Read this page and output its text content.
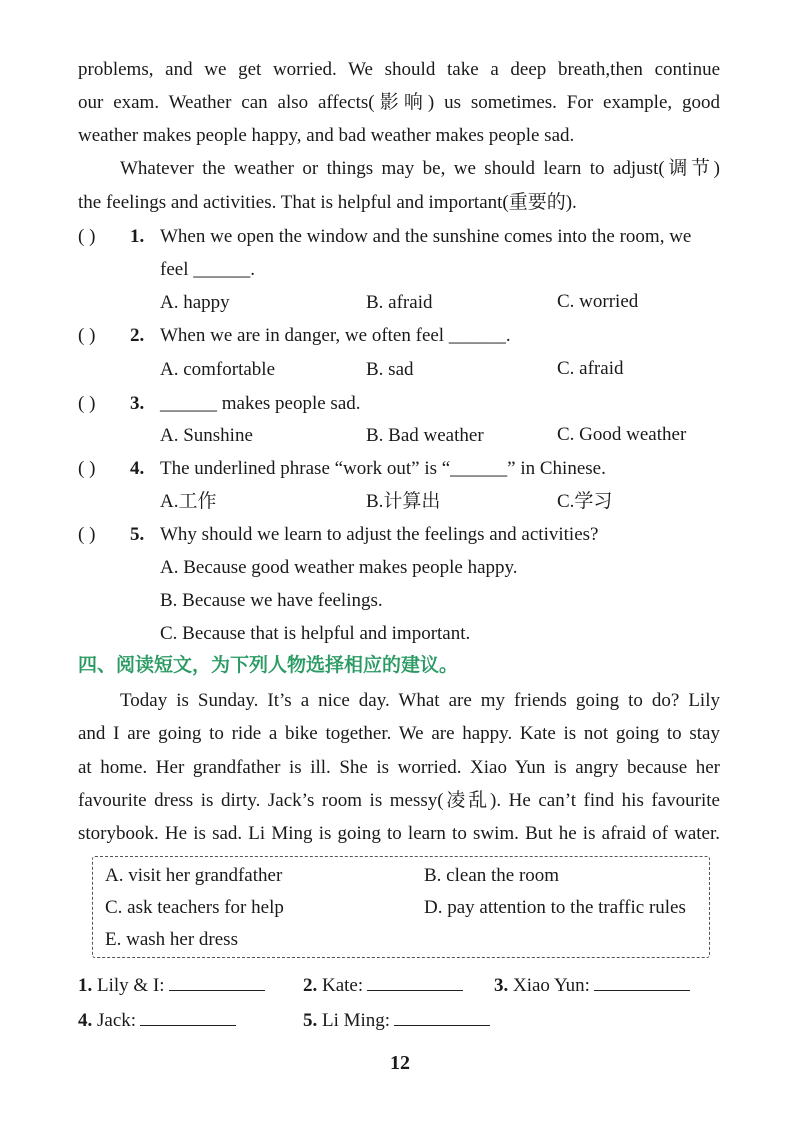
problems, and we get worried. We should take a deep breath,then continue
our exam. Weather can also affects(影响) us sometimes. For example, good
weather makes people happy, and bad weather makes people sad.
Whatever the weather or things may be, we should learn to adjust(调节)
the feelings and activities. That is helpful and important(重要的).
( ) 1. When we open the window and the sunshine comes into the room, we
feel ______.
A. happy	B. afraid	C. worried
( ) 2. When we are in danger, we often feel ______.
A. comfortable	B. sad	C. afraid
( ) 3. ______ makes people sad.
A. Sunshine	B. Bad weather	C. Good weather
( ) 4. The underlined phrase “work out” is “______” in Chinese.
A.工作	B.计算出	C.学习
( ) 5. Why should we learn to adjust the feelings and activities?
A. Because good weather makes people happy.
B. Because we have feelings.
C. Because that is helpful and important.
四、阅读短文，为下列人物选择相应的建议。
Today is Sunday. It’s a nice day. What are my friends going to do? Lily
and I are going to ride a bike together. We are happy. Kate is not going to stay
at home. Her grandfather is ill. She is worried. Xiao Yun is angry because her
favourite dress is dirty. Jack’s room is messy(凌乱). He can’t find his favourite
storybook. He is sad. Li Ming is going to learn to swim. But he is afraid of water.
A. visit her grandfather	B. clean the room
C. ask teachers for help	D. pay attention to the traffic rules
E. wash her dress
1. Lily & I:	2. Kate:	3. Xiao Yun:
4. Jack:	5. Li Ming:
12
